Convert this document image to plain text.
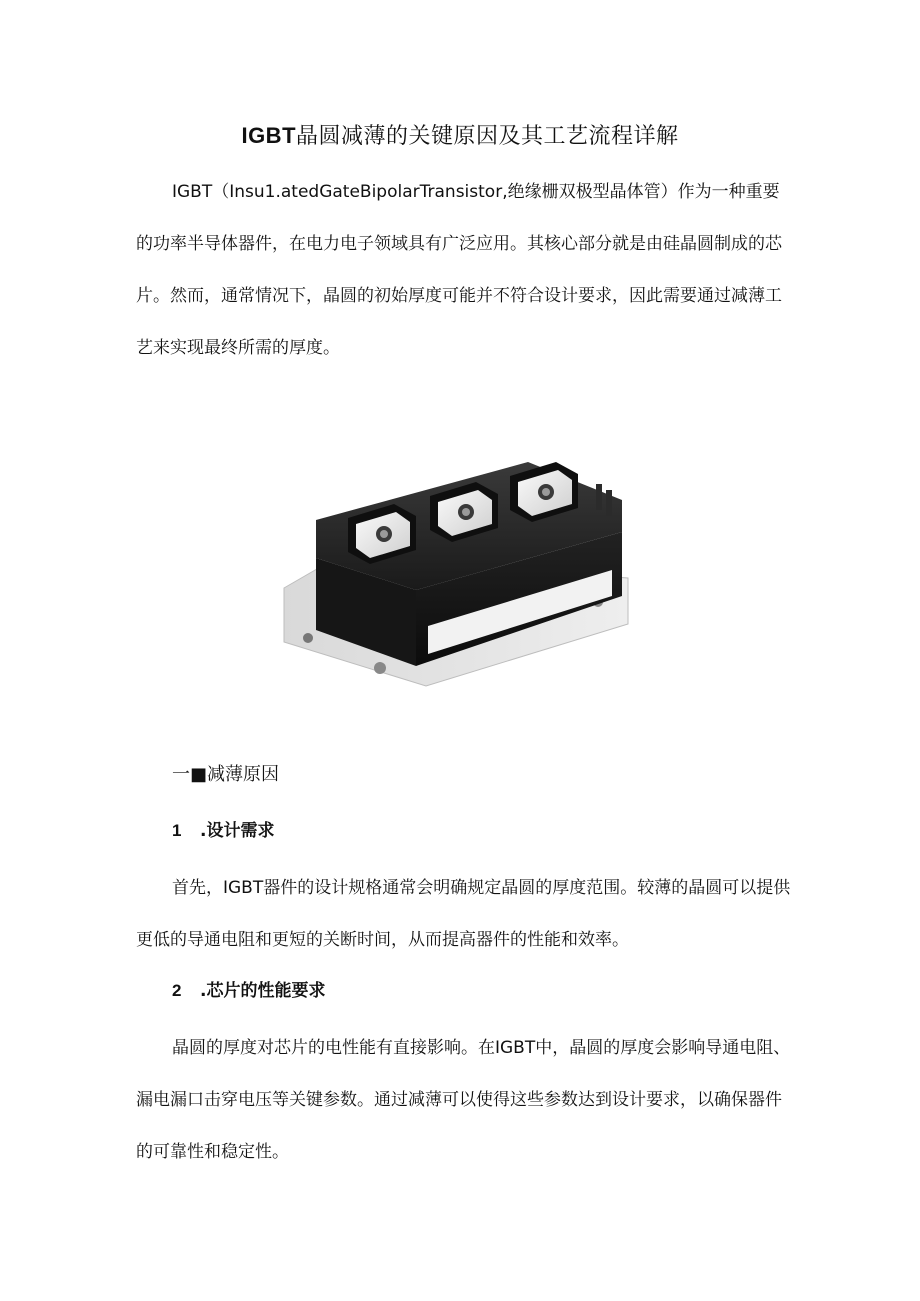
IGBT晶圆减薄的关键原因及其工艺流程详解

IGBT（Insu1.atedGateBipolarTransistor,绝缘栅双极型晶体管）作为一种重要的功率半导体器件，在电力电子领域具有广泛应用。其核心部分就是由硅晶圆制成的芯片。然而，通常情况下，晶圆的初始厚度可能并不符合设计要求，因此需要通过减薄工艺来实现最终所需的厚度。

一■减薄原因

1 .设计需求

首先，IGBT器件的设计规格通常会明确规定晶圆的厚度范围。较薄的晶圆可以提供更低的导通电阻和更短的关断时间，从而提高器件的性能和效率。

2 .芯片的性能要求

晶圆的厚度对芯片的电性能有直接影响。在IGBT中，晶圆的厚度会影响导通电阻、漏电漏口击穿电压等关键参数。通过减薄可以使得这些参数达到设计要求，以确保器件的可靠性和稳定性。
